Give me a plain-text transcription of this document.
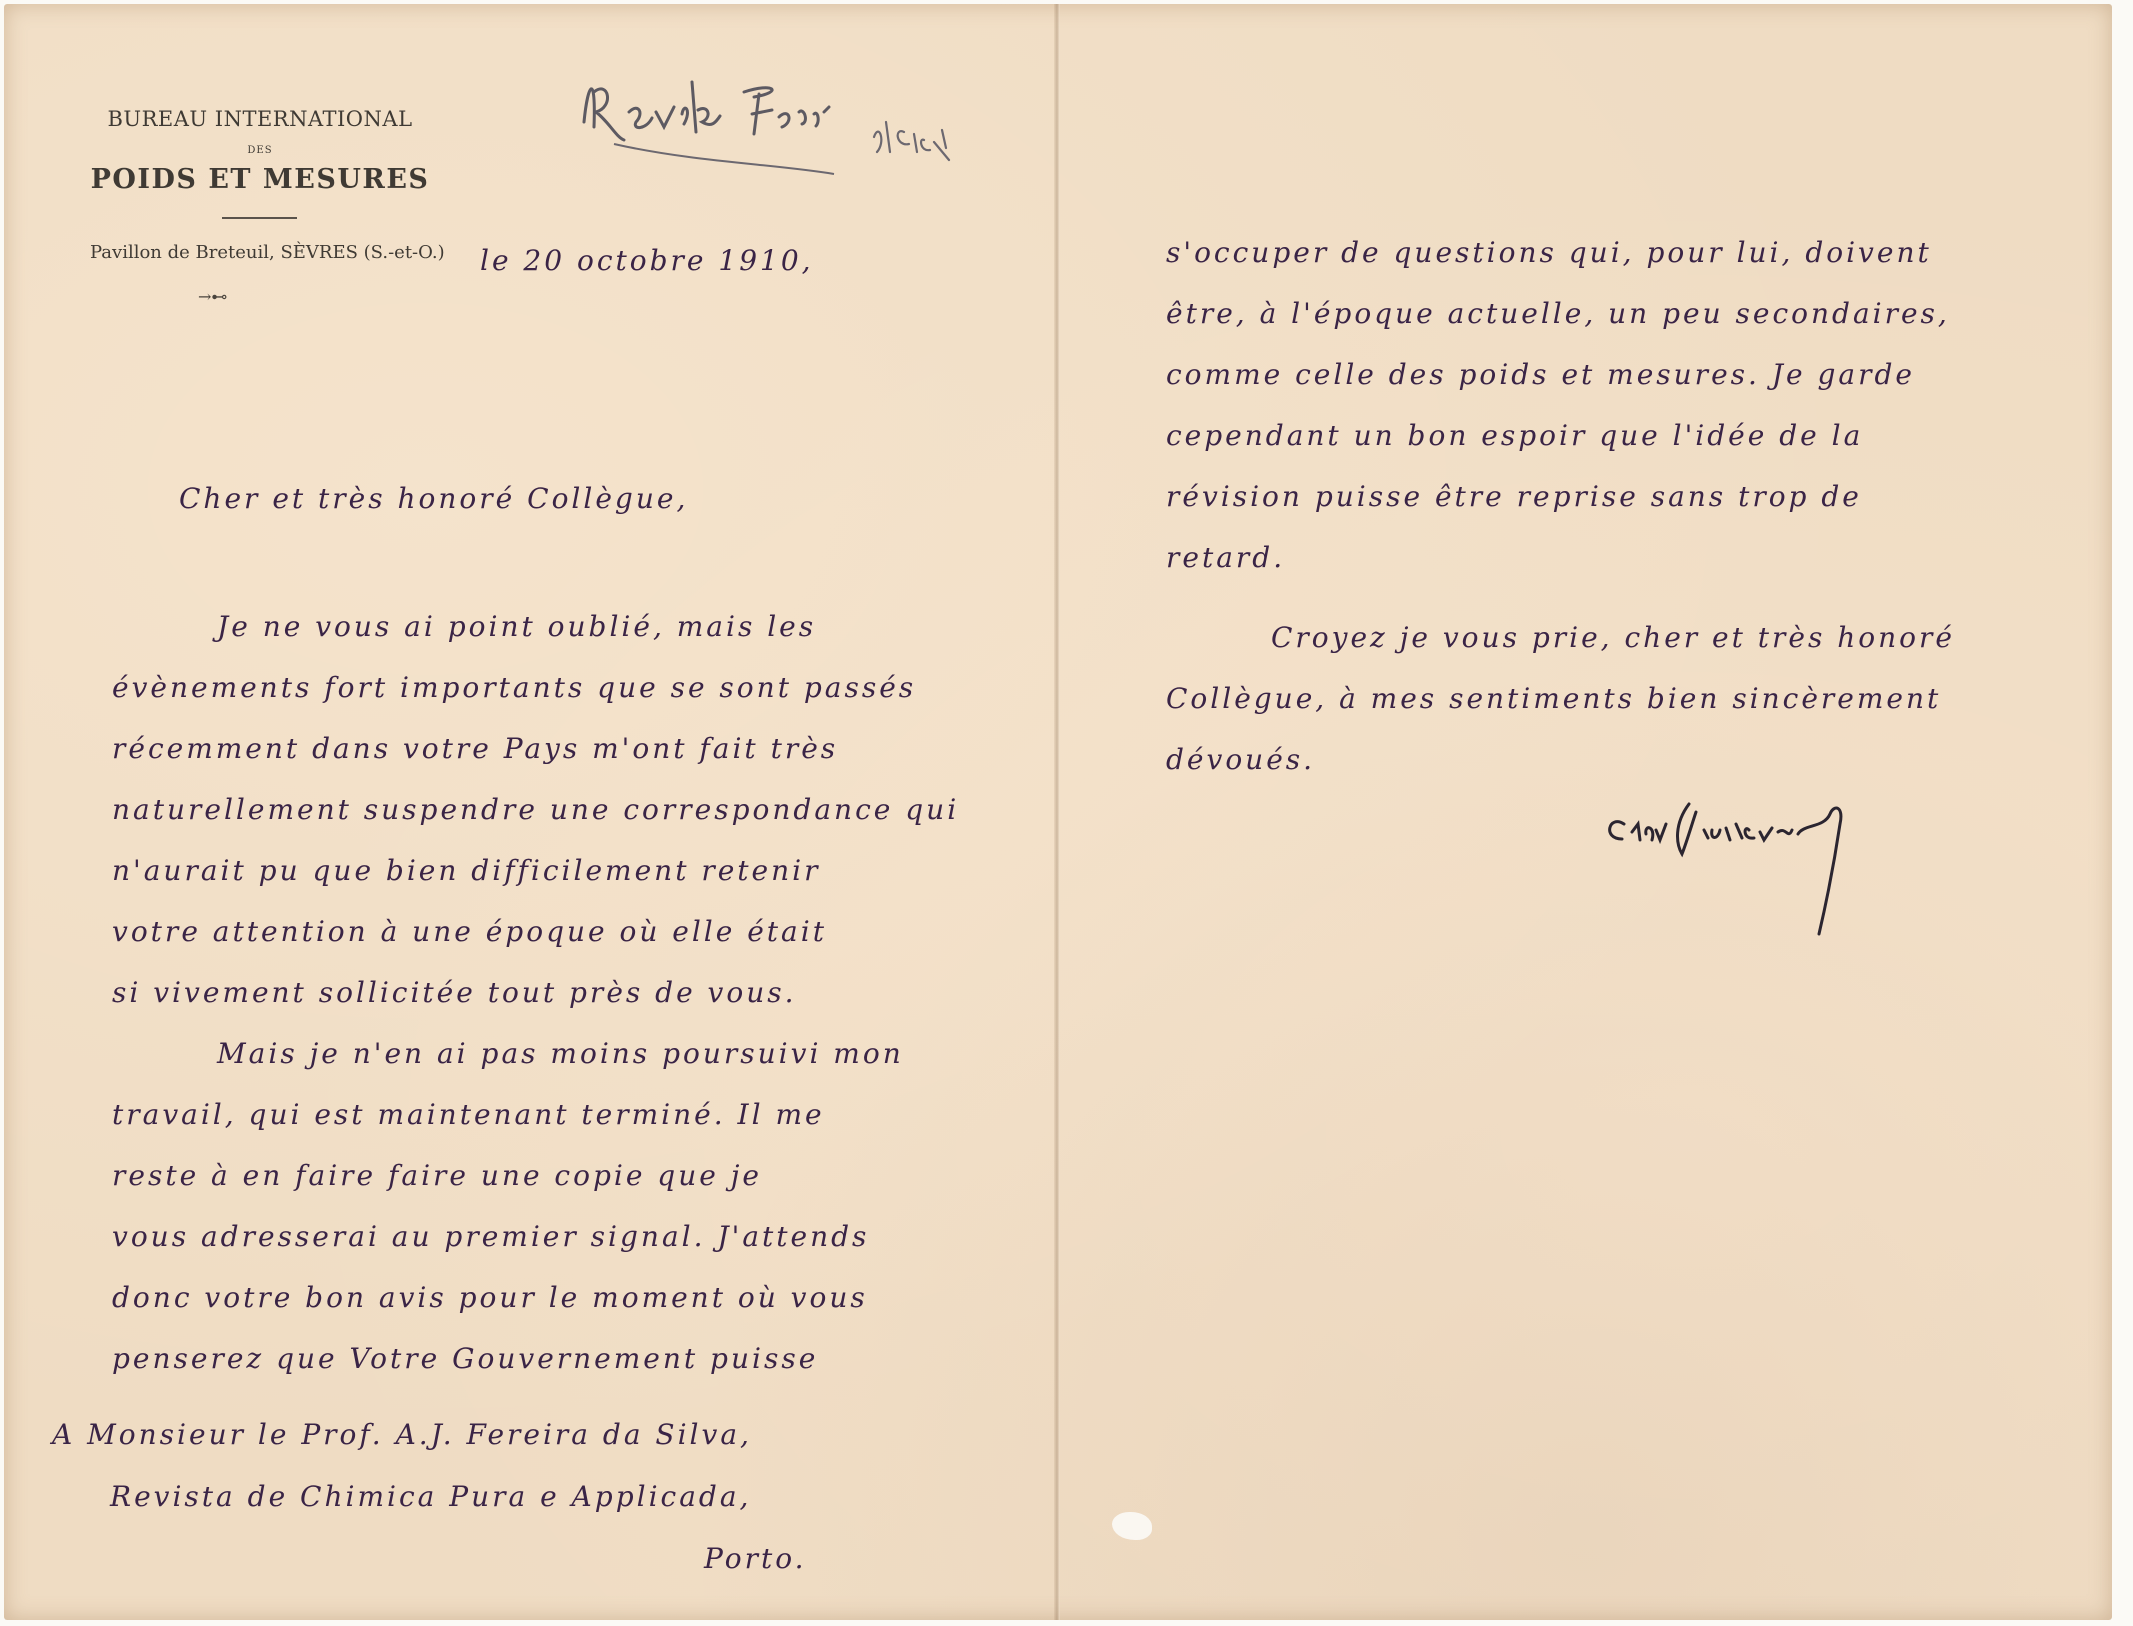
BUREAU INTERNATIONAL
DES
POIDS ET MESURES
Pavillon de Breteuil, SÈVRES (S.-et-O.)
→⊷
le 20 octobre 1910,
Cher et très honoré Collègue,
Je ne vous ai point oublié, mais les
évènements fort importants que se sont passés
récemment dans votre Pays m'ont fait très
naturellement suspendre une correspondance qui
n'aurait pu que bien difficilement retenir
votre attention à une époque où elle était
si vivement sollicitée tout près de vous.
Mais je n'en ai pas moins poursuivi mon
travail, qui est maintenant terminé. Il me
reste à en faire faire une copie que je
vous adresserai au premier signal. J'attends
donc votre bon avis pour le moment où vous
penserez que Votre Gouvernement puisse
s'occuper de questions qui, pour lui, doivent
être, à l'époque actuelle, un peu secondaires,
comme celle des poids et mesures. Je garde
cependant un bon espoir que l'idée de la
révision puisse être reprise sans trop de
retard.
Croyez je vous prie, cher et très honoré
Collègue, à mes sentiments bien sincèrement
dévoués.
A Monsieur le Prof. A.J. Fereira da Silva,
Revista de Chimica Pura e Applicada,
Porto.
